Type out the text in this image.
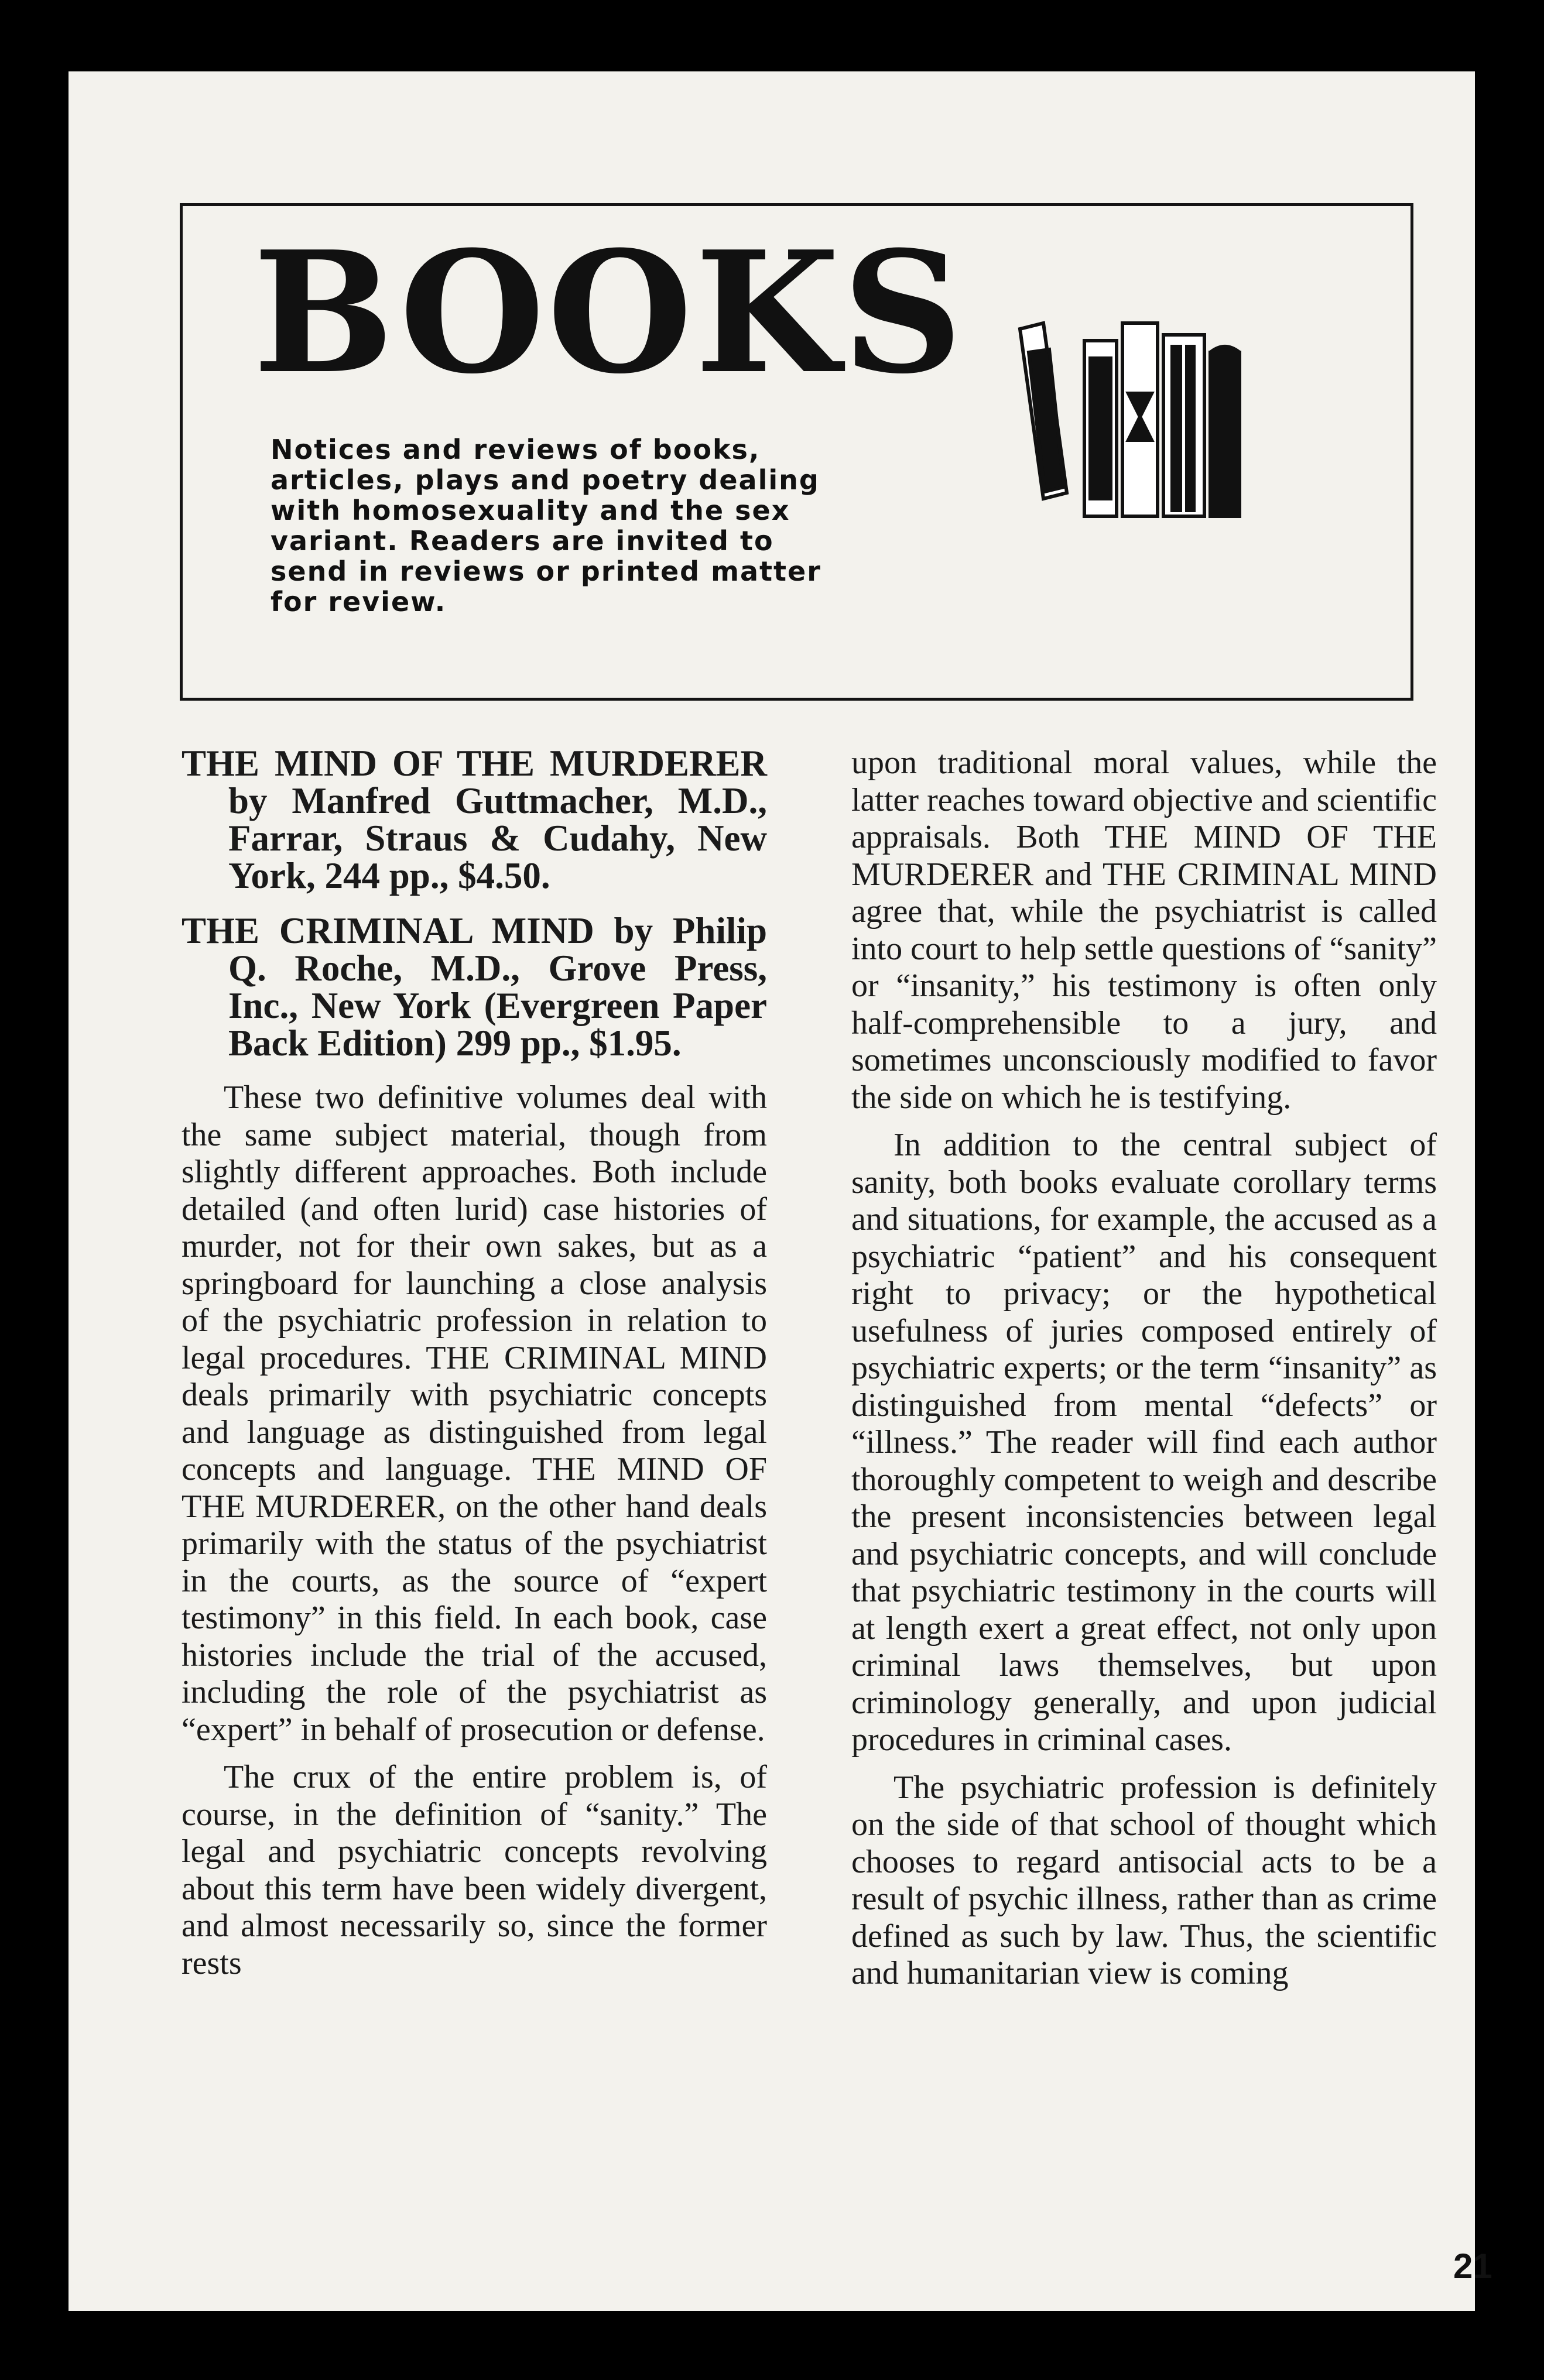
BOOKS
Notices and reviews of books, articles, plays and poetry dealing with homosexuality and the sex variant. Readers are invited to send in reviews or printed matter for review.

THE MIND OF THE MURDERER by Manfred Guttmacher, M.D., Farrar, Straus & Cudahy, New York, 244 pp., $4.50.

THE CRIMINAL MIND by Philip Q. Roche, M.D., Grove Press, Inc., New York (Evergreen Paper Back Edition) 299 pp., $1.95.

These two definitive volumes deal with the same subject material, though from slightly different approaches. Both include detailed (and often lurid) case histories of murder, not for their own sakes, but as a springboard for launching a close analysis of the psychiatric profession in relation to legal procedures. THE CRIMINAL MIND deals primarily with psychiatric concepts and language as distinguished from legal concepts and language. THE MIND OF THE MURDERER, on the other hand deals primarily with the status of the psychiatrist in the courts, as the source of “expert testimony” in this field. In each book, case histories include the trial of the accused, including the role of the psychiatrist as “expert” in behalf of prosecution or defense.

The crux of the entire problem is, of course, in the definition of “sanity.” The legal and psychiatric concepts revolving about this term have been widely divergent, and almost necessarily so, since the former rests

upon traditional moral values, while the latter reaches toward objective and scientific appraisals. Both THE MIND OF THE MURDERER and THE CRIMINAL MIND agree that, while the psychiatrist is called into court to help settle questions of “sanity” or “insanity,” his testimony is often only half-comprehensible to a jury, and sometimes unconsciously modified to favor the side on which he is testifying.

In addition to the central subject of sanity, both books evaluate corollary terms and situations, for example, the accused as a psychiatric “patient” and his consequent right to privacy; or the hypothetical usefulness of juries composed entirely of psychiatric experts; or the term “insanity” as distinguished from mental “defects” or “illness.” The reader will find each author thoroughly competent to weigh and describe the present inconsistencies between legal and psychiatric concepts, and will conclude that psychiatric testimony in the courts will at length exert a great effect, not only upon criminal laws themselves, but upon criminology generally, and upon judicial procedures in criminal cases.

The psychiatric profession is definitely on the side of that school of thought which chooses to regard antisocial acts to be a result of psychic illness, rather than as crime defined as such by law. Thus, the scientific and humanitarian view is coming

21
